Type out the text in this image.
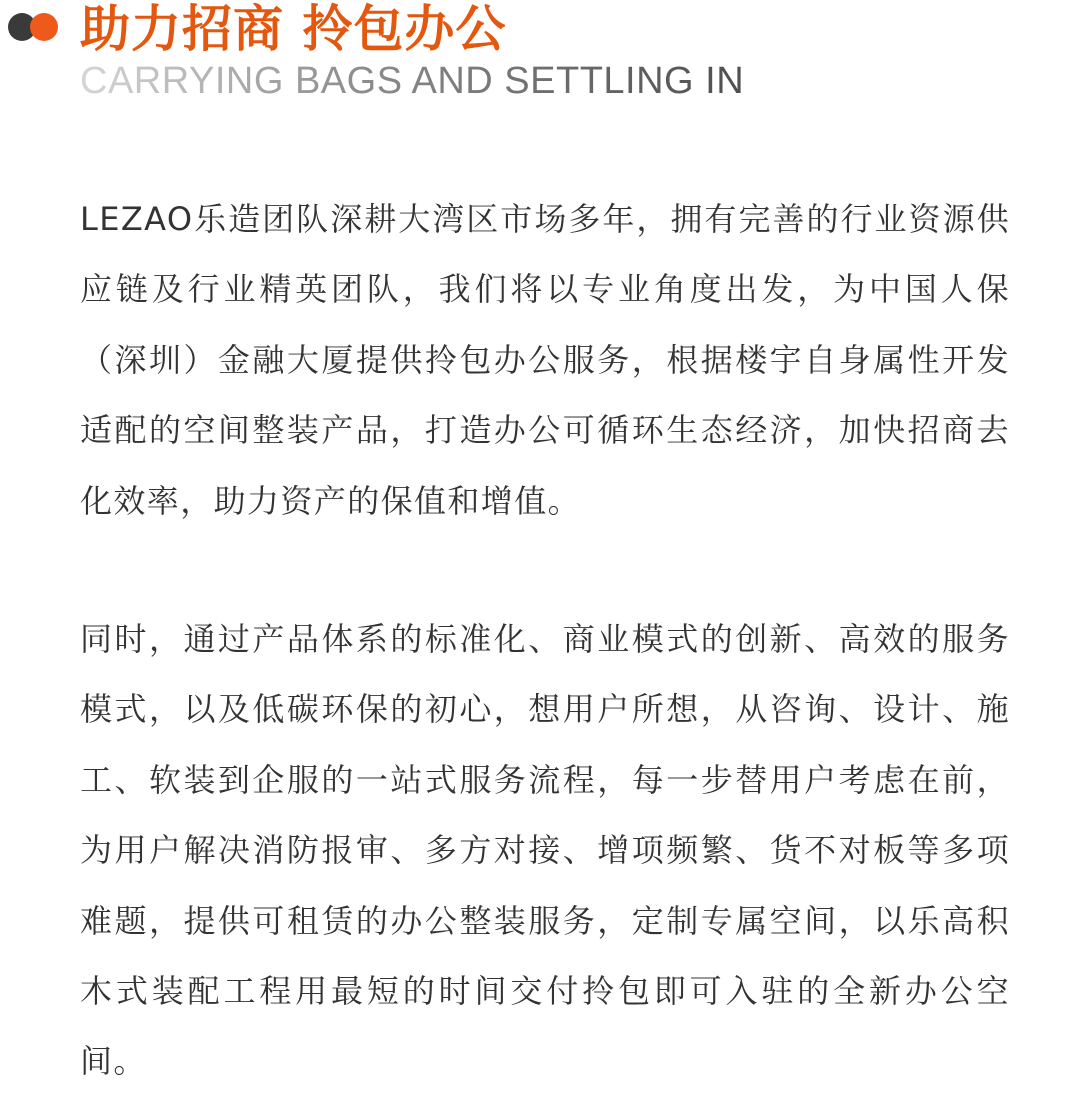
助力招商 拎包办公
CARRYING BAGS AND SETTLING IN

LEZAO乐造团队深耕大湾区市场多年，拥有完善的行业资源供应链及行业精英团队，我们将以专业角度出发，为中国人保（深圳）金融大厦提供拎包办公服务，根据楼宇自身属性开发适配的空间整装产品，打造办公可循环生态经济，加快招商去化效率，助力资产的保值和增值。

同时，通过产品体系的标准化、商业模式的创新、高效的服务模式，以及低碳环保的初心，想用户所想，从咨询、设计、施工、软装到企服的一站式服务流程，每一步替用户考虑在前，为用户解决消防报审、多方对接、增项频繁、货不对板等多项难题，提供可租赁的办公整装服务，定制专属空间，以乐高积木式装配工程用最短的时间交付拎包即可入驻的全新办公空间。
